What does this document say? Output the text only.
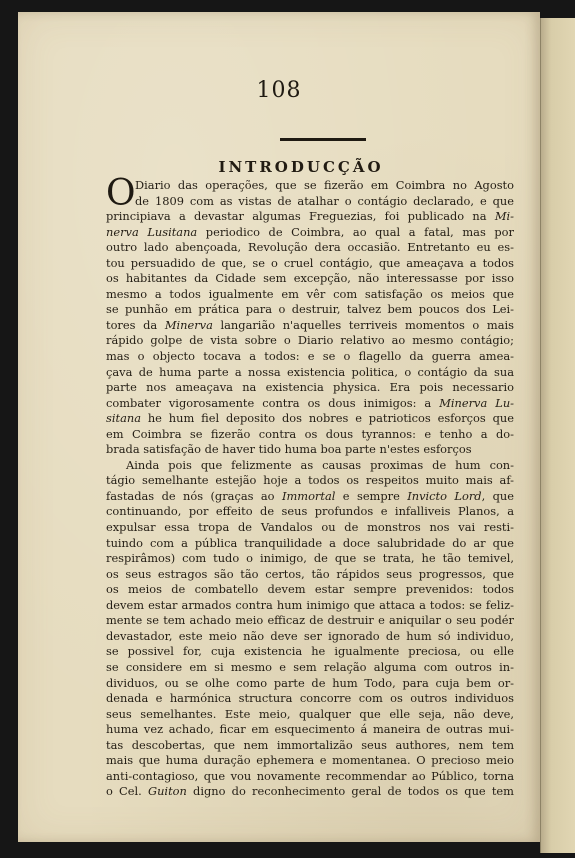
108
INTRODUCÇÃO
O Diario das operações, que se fizerão em Coimbra no Agosto
de 1809 com as vistas de atalhar o contágio declarado, e que
principiava a devastar algumas Freguezias, foi publicado na Mi-
nerva Lusitana periodico de Coimbra, ao qual a fatal, mas por
outro lado abençoada, Revolução dera occasião. Entretanto eu es-
tou persuadido de que, se o cruel contágio, que ameaçava a todos
os habitantes da Cidade sem excepção, não interessasse por isso
mesmo a todos igualmente em vêr com satisfação os meios que
se punhão em prática para o destruir, talvez bem poucos dos Lei-
tores da Minerva langarião n'aquelles terriveis momentos o mais
rápido golpe de vista sobre o Diario relativo ao mesmo contágio;
mas o objecto tocava a todos: e se o flagello da guerra amea-
çava de huma parte a nossa existencia politica, o contágio da sua
parte nos ameaçava na existencia physica. Era pois necessario
combater vigorosamente contra os dous inimigos: a Minerva Lu-
sitana he hum fiel deposito dos nobres e patrioticos esforços que
em Coimbra se fizerão contra os dous tyrannos: e tenho a do-
brada satisfação de haver tido huma boa parte n'estes esforços
Ainda pois que felizmente as causas proximas de hum con-
tágio semelhante estejão hoje a todos os respeitos muito mais af-
fastadas de nós (graças ao Immortal e sempre Invicto Lord, que
continuando, por effeito de seus profundos e infalliveis Planos, a
expulsar essa tropa de Vandalos ou de monstros nos vai resti-
tuindo com a pública tranquilidade a doce salubridade do ar que
respirâmos) com tudo o inimigo, de que se trata, he tão temivel,
os seus estragos são tão certos, tão rápidos seus progressos, que
os meios de combatello devem estar sempre prevenidos: todos
devem estar armados contra hum inimigo que attaca a todos: se feliz-
mente se tem achado meio efficaz de destruir e aniquilar o seu podér
devastador, este meio não deve ser ignorado de hum só individuo,
se possivel for, cuja existencia he igualmente preciosa, ou elle
se considere em si mesmo e sem relação alguma com outros in-
dividuos, ou se olhe como parte de hum Todo, para cuja bem or-
denada e harmónica structura concorre com os outros individuos
seus semelhantes. Este meio, qualquer que elle seja, não deve,
huma vez achado, ficar em esquecimento á maneira de outras mui-
tas descobertas, que nem immortalizão seus authores, nem tem
mais que huma duração ephemera e momentanea. O precioso meio
anti-contagioso, que vou novamente recommendar ao Público, torna
o Cel. Guiton digno do reconhecimento geral de todos os que tem
